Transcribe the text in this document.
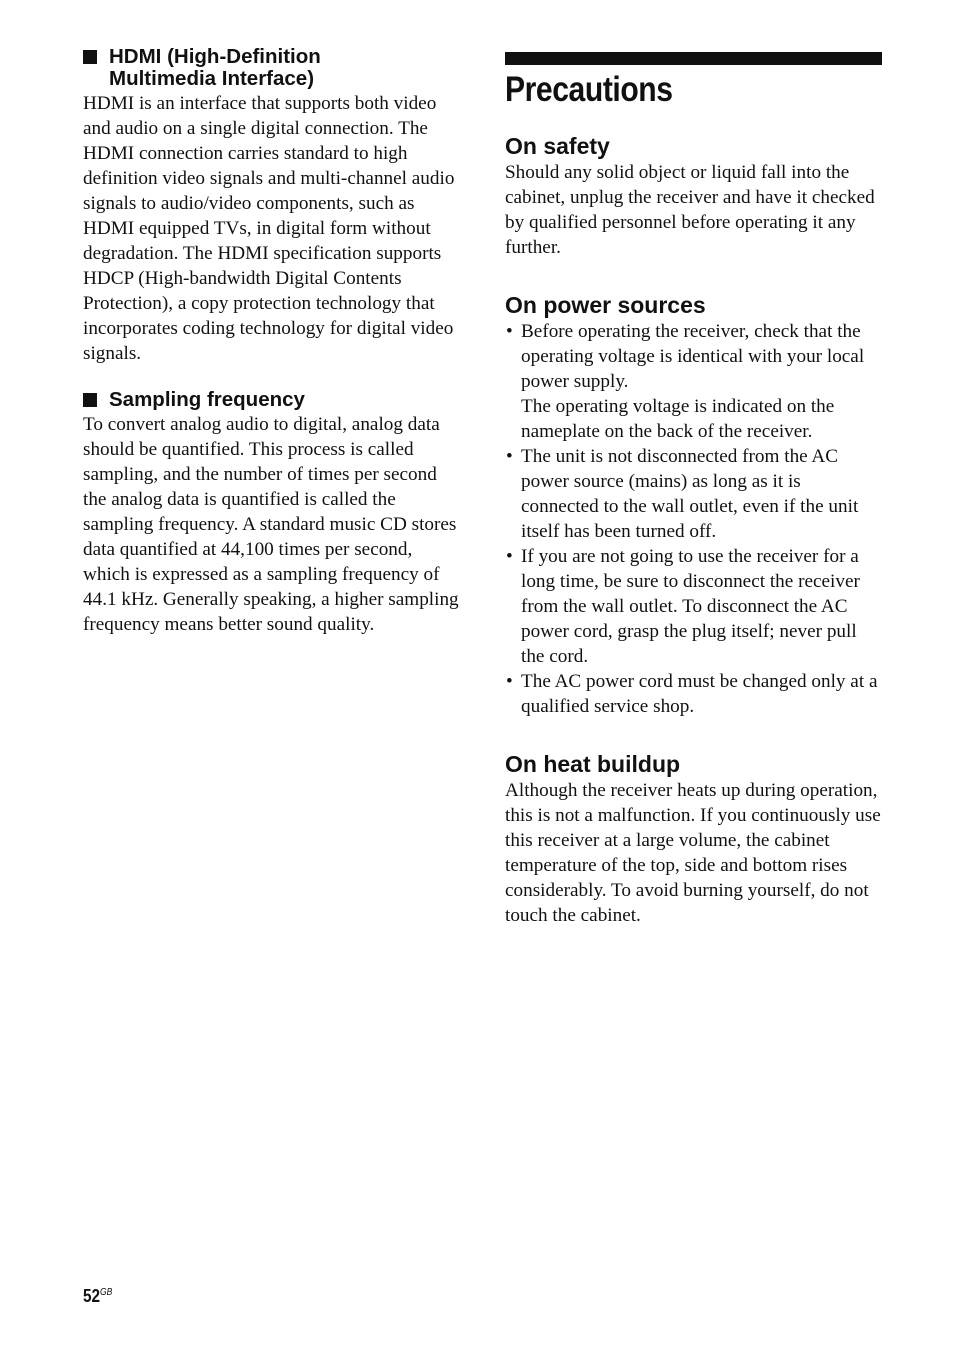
HDMI (High-Definition
Multimedia Interface)

HDMI is an interface that supports both video and audio on a single digital connection. The HDMI connection carries standard to high definition video signals and multi-channel audio signals to audio/video components, such as HDMI equipped TVs, in digital form without degradation. The HDMI specification supports HDCP (High-bandwidth Digital Contents Protection), a copy protection technology that incorporates coding technology for digital video signals.

Sampling frequency

To convert analog audio to digital, analog data should be quantified. This process is called sampling, and the number of times per second the analog data is quantified is called the sampling frequency. A standard music CD stores data quantified at 44,100 times per second, which is expressed as a sampling frequency of 44.1 kHz. Generally speaking, a higher sampling frequency means better sound quality.

Precautions
On safety

Should any solid object or liquid fall into the cabinet, unplug the receiver and have it checked by qualified personnel before operating it any further.

On power sources

• Before operating the receiver, check that the operating voltage is identical with your local power supply.

The operating voltage is indicated on the nameplate on the back of the receiver.

• The unit is not disconnected from the AC power source (mains) as long as it is connected to the wall outlet, even if the unit itself has been turned off.

• If you are not going to use the receiver for a long time, be sure to disconnect the receiver from the wall outlet. To disconnect the AC power cord, grasp the plug itself; never pull the cord.

• The AC power cord must be changed only at a qualified service shop.

On heat buildup

Although the receiver heats up during operation, this is not a malfunction. If you continuously use this receiver at a large volume, the cabinet temperature of the top, side and bottom rises considerably. To avoid burning yourself, do not touch the cabinet.

$52^{GB}$
